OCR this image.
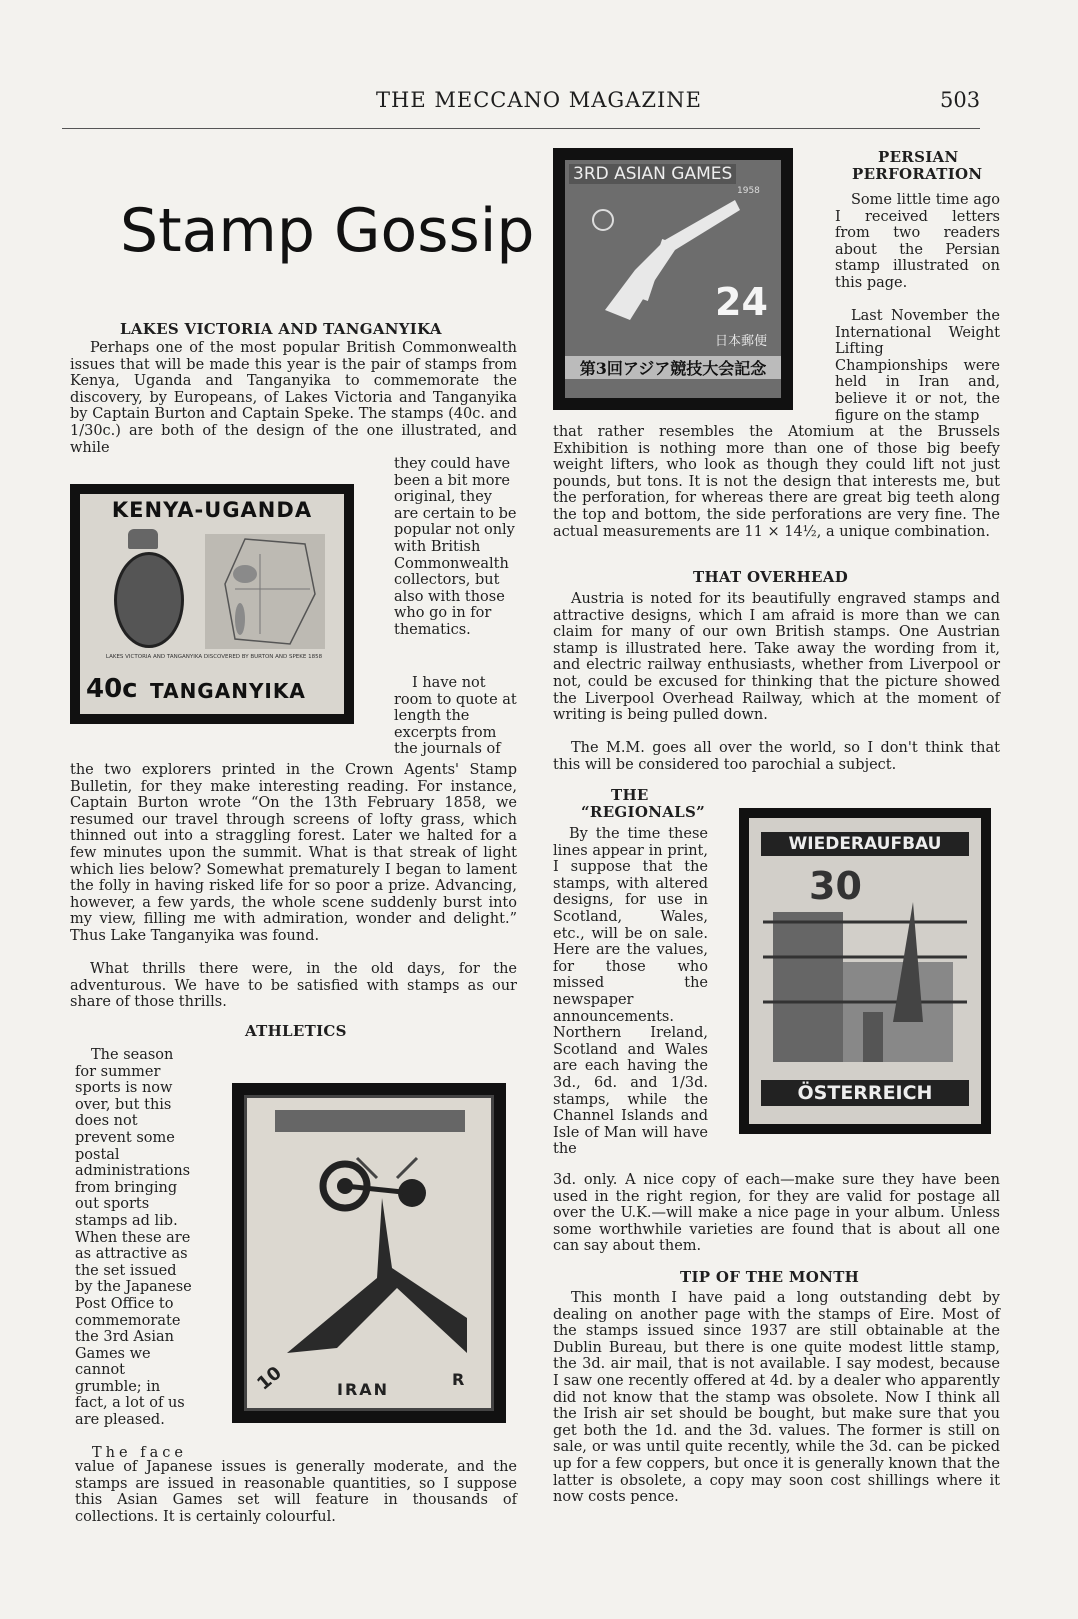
THE MECCANO MAGAZINE	503
Stamp Gossip
LAKES VICTORIA AND TANGANYIKA
Perhaps one of the most popular British Commonwealth issues that will be made this year is the pair of stamps from Kenya, Uganda and Tanganyika to commemorate the discovery, by Europeans, of Lakes Victoria and Tanganyika by Captain Burton and Captain Speke. The stamps (40c. and 1/30c.) are both of the design of the one illustrated, and while
KENYA-UGANDA
LAKES VICTORIA AND TANGANYIKA DISCOVERED BY BURTON AND SPEKE 1858
40c TANGANYIKA
they could have been a bit more original, they are certain to be popular not only with British Commonwealth collectors, but also with those who go in for thematics.
I have not room to quote at length the excerpts from the journals of
the two explorers printed in the Crown Agents' Stamp Bulletin, for they make interesting reading. For instance, Captain Burton wrote “On the 13th February 1858, we resumed our travel through screens of lofty grass, which thinned out into a straggling forest. Later we halted for a few minutes upon the summit. What is that streak of light which lies below? Somewhat prematurely I began to lament the folly in having risked life for so poor a prize. Advancing, however, a few yards, the whole scene suddenly burst into my view, filling me with admiration, wonder and delight.” Thus Lake Tanganyika was found.
What thrills there were, in the old days, for the adventurous. We have to be satisfied with stamps as our share of those thrills.
ATHLETICS
The season for summer sports is now over, but this does not prevent some postal administrations from bringing out sports stamps ad lib. When these are as attractive as the set issued by the Japanese Post Office to commemorate the 3rd Asian Games we cannot grumble; in fact, a lot of us are pleased.
The face
10	IRAN
R
value of Japanese issues is generally moderate, and the stamps are issued in reasonable quantities, so I suppose this Asian Games set will feature in thousands of collections. It is certainly colourful.
3RD ASIAN GAMES
1958
24
日本郵便
第3回アジア競技大会記念
PERSIAN
PERFORATION
Some little time ago I received letters from two readers about the Persian stamp illustrated on this page.
Last November the International Weight Lifting Championships were held in Iran and, believe it or not, the figure on the stamp
that rather resembles the Atomium at the Brussels Exhibition is nothing more than one of those big beefy weight lifters, who look as though they could lift not just pounds, but tons. It is not the design that interests me, but the perforation, for whereas there are great big teeth along the top and bottom, the side perforations are very fine. The actual measurements are 11 × 14½, a unique combination.
THAT OVERHEAD
Austria is noted for its beautifully engraved stamps and attractive designs, which I am afraid is more than we can claim for many of our own British stamps. One Austrian stamp is illustrated here. Take away the wording from it, and electric railway enthusiasts, whether from Liverpool or not, could be excused for thinking that the picture showed the Liverpool Overhead Railway, which at the moment of writing is being pulled down.
The M.M. goes all over the world, so I don't think that this will be considered too parochial a subject.
THE
“REGIONALS”
By the time these lines appear in print, I suppose that the stamps, with altered designs, for use in Scotland, Wales, etc., will be on sale. Here are the values, for those who missed the newspaper announcements. Northern Ireland, Scotland and Wales are each having the 3d., 6d. and 1/3d. stamps, while the Channel Islands and Isle of Man will have the
WIEDERAUFBAU
30
ÖSTERREICH
3d. only. A nice copy of each—make sure they have been used in the right region, for they are valid for postage all over the U.K.—will make a nice page in your album. Unless some worthwhile varieties are found that is about all one can say about them.
TIP OF THE MONTH
This month I have paid a long outstanding debt by dealing on another page with the stamps of Eire. Most of the stamps issued since 1937 are still obtainable at the Dublin Bureau, but there is one quite modest little stamp, the 3d. air mail, that is not available. I say modest, because I saw one recently offered at 4d. by a dealer who apparently did not know that the stamp was obsolete. Now I think all the Irish air set should be bought, but make sure that you get both the 1d. and the 3d. values. The former is still on sale, or was until quite recently, while the 3d. can be picked up for a few coppers, but once it is generally known that the latter is obsolete, a copy may soon cost shillings where it now costs pence.
